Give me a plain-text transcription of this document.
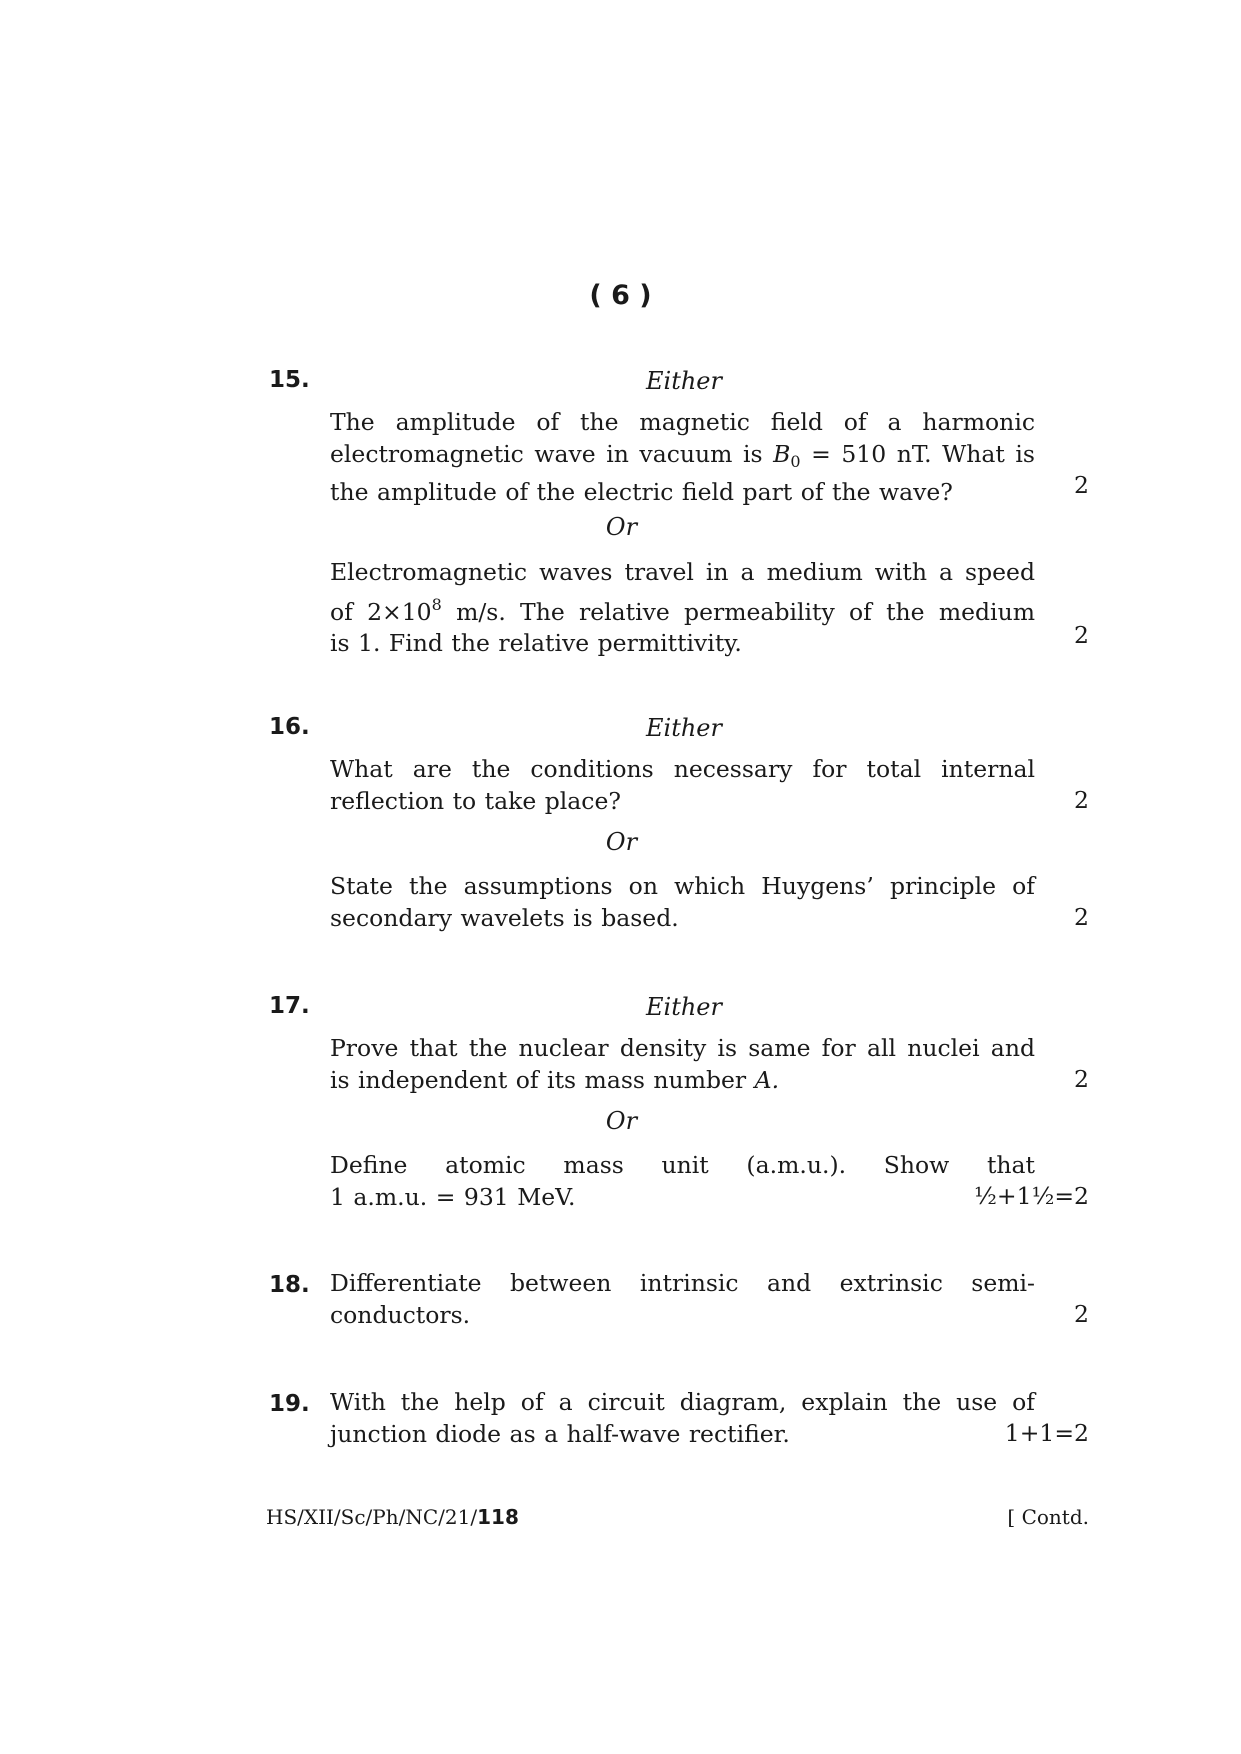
( 6 )
15.	Either
The amplitude of the magnetic field of a harmonic
electromagnetic wave in vacuum is $B_0 = 510$ nT. What is
the amplitude of the electric field part of the wave?	2
Or
Electromagnetic waves travel in a medium with a speed
of $2\times 10^8$ m/s. The relative permeability of the medium
is 1. Find the relative permittivity.	2
16.	Either
What are the conditions necessary for total internal
reflection to take place?	2
Or
State the assumptions on which Huygens’ principle of
secondary wavelets is based.	2
17.	Either
Prove that the nuclear density is same for all nuclei and
is independent of its mass number A.	2
Or
Define atomic mass unit (a.m.u.). Show that
1 a.m.u. = 931 MeV.	½+1½=2
18. Differentiate between intrinsic and extrinsic semi-
conductors.	2
19. With the help of a circuit diagram, explain the use of
junction diode as a half-wave rectifier.	1+1=2
HS/XII/Sc/Ph/NC/21/118	[ Contd.
